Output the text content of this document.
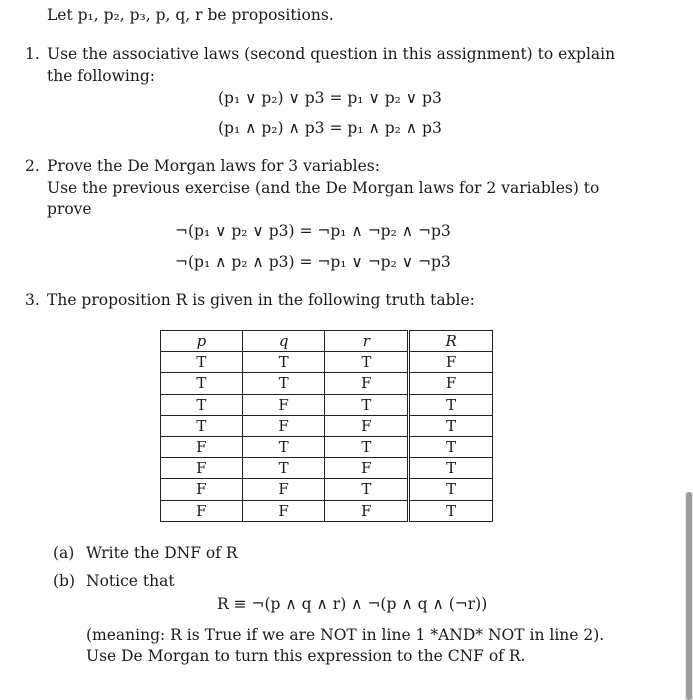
Let p₁, p₂, p₃, p, q, r be propositions.
1. Use the associative laws (second question in this assignment) to explain
the following:
(p₁ ∨ p₂) ∨ p3 = p₁ ∨ p₂ ∨ p3
(p₁ ∧ p₂) ∧ p3 = p₁ ∧ p₂ ∧ p3
2. Prove the De Morgan laws for 3 variables:
Use the previous exercise (and the De Morgan laws for 2 variables) to
prove
¬(p₁ ∨ p₂ ∨ p3) = ¬p₁ ∧ ¬p₂ ∧ ¬p3
¬(p₁ ∧ p₂ ∧ p3) = ¬p₁ ∨ ¬p₂ ∨ ¬p3
3. The proposition R is given in the following truth table:
p	q	r	R
T	T	T	F
T	T	F	F
T	F	T	T
T	F	F	T
F	T	T	T
F	T	F	T
F	F	T	T
F	F	F	T
(a) Write the DNF of R
(b) Notice that
R ≡ ¬(p ∧ q ∧ r) ∧ ¬(p ∧ q ∧ (¬r))
(meaning: R is True if we are NOT in line 1 *AND* NOT in line 2).
Use De Morgan to turn this expression to the CNF of R.
